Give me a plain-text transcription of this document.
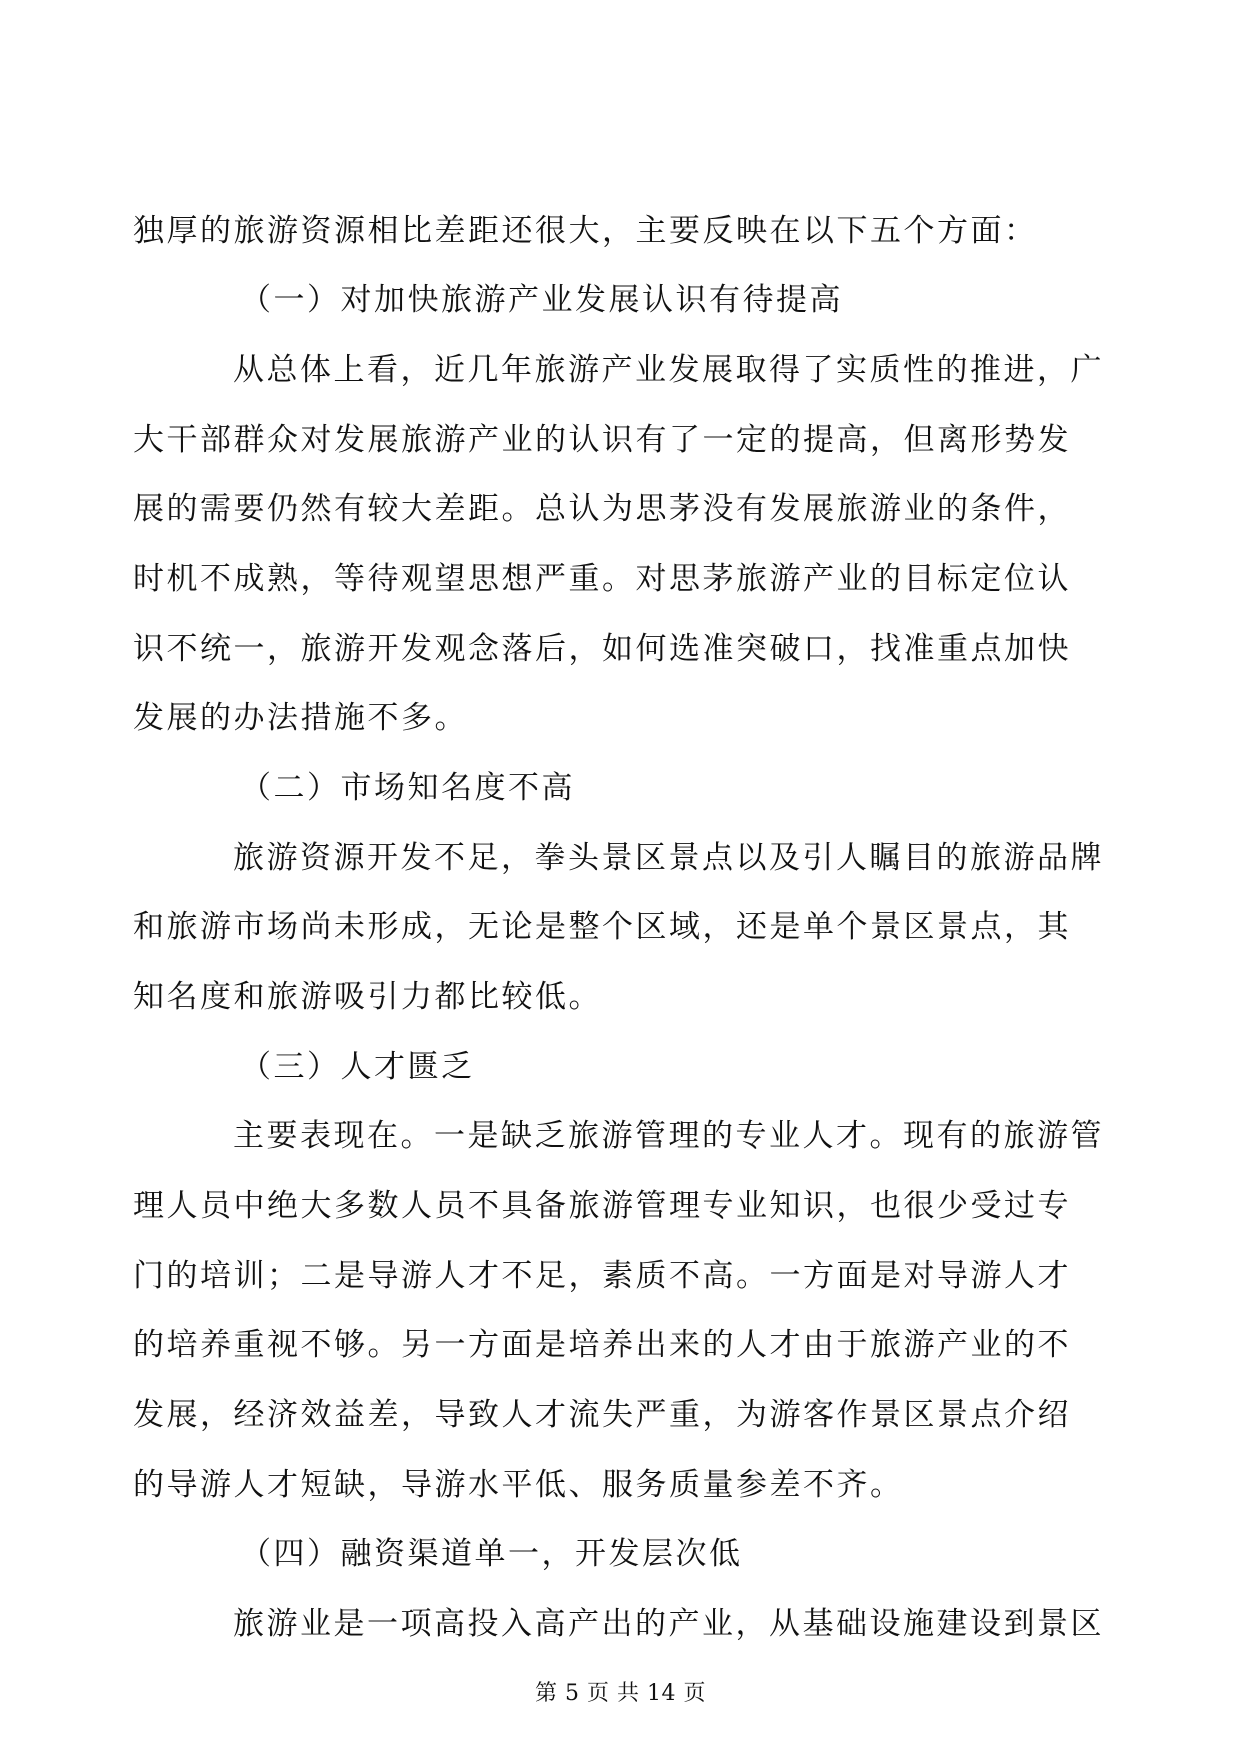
独厚的旅游资源相比差距还很大，主要反映在以下五个方面：
（一）对加快旅游产业发展认识有待提高
从总体上看，近几年旅游产业发展取得了实质性的推进，广
大干部群众对发展旅游产业的认识有了一定的提高，但离形势发
展的需要仍然有较大差距。总认为思茅没有发展旅游业的条件，
时机不成熟，等待观望思想严重。对思茅旅游产业的目标定位认
识不统一，旅游开发观念落后，如何选准突破口，找准重点加快
发展的办法措施不多。
（二）市场知名度不高
旅游资源开发不足，拳头景区景点以及引人瞩目的旅游品牌
和旅游市场尚未形成，无论是整个区域，还是单个景区景点，其
知名度和旅游吸引力都比较低。
（三）人才匮乏
主要表现在。一是缺乏旅游管理的专业人才。现有的旅游管
理人员中绝大多数人员不具备旅游管理专业知识，也很少受过专
门的培训；二是导游人才不足，素质不高。一方面是对导游人才
的培养重视不够。另一方面是培养出来的人才由于旅游产业的不
发展，经济效益差，导致人才流失严重，为游客作景区景点介绍
的导游人才短缺，导游水平低、服务质量参差不齐。
（四）融资渠道单一，开发层次低
旅游业是一项高投入高产出的产业，从基础设施建设到景区
第 5 页 共 14 页
